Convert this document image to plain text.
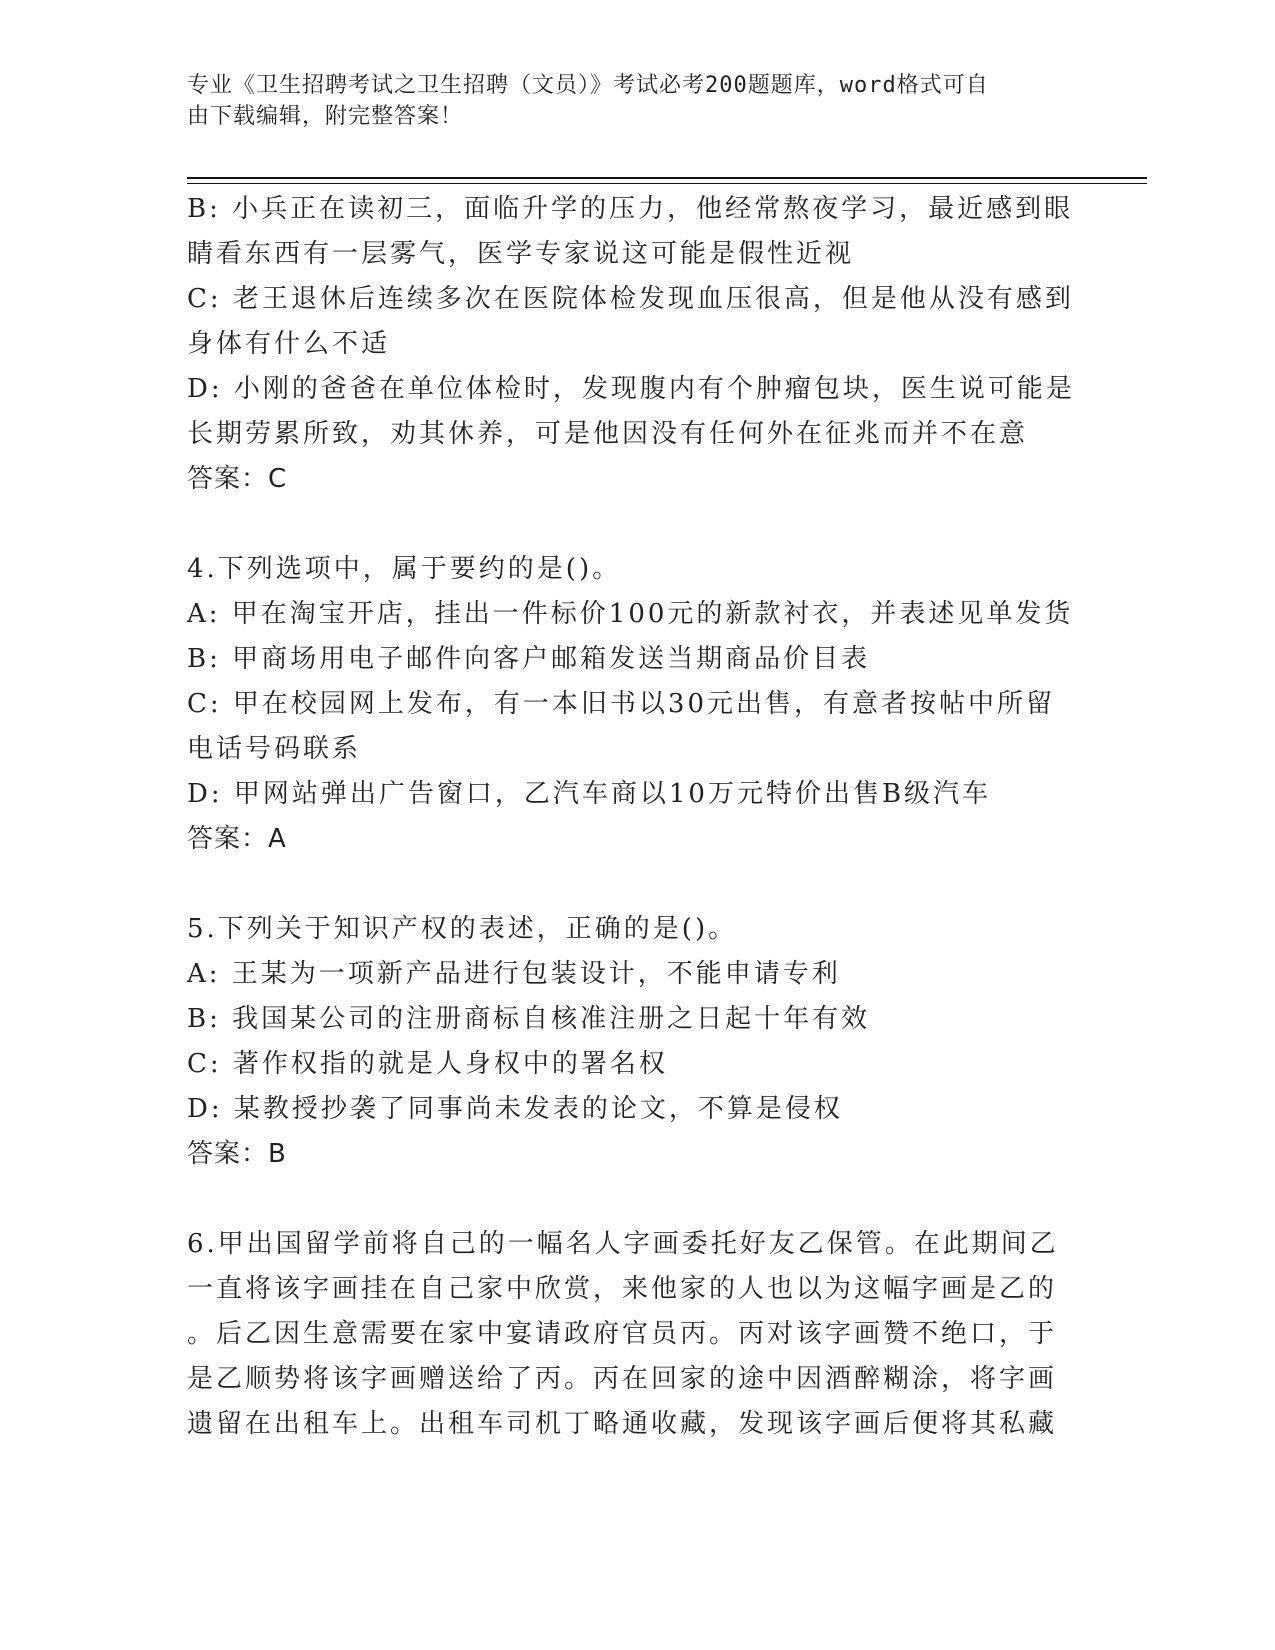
专业《卫生招聘考试之卫生招聘（文员）》考试必考200题题库，word格式可自
由下载编辑，附完整答案！
B: 小兵正在读初三，面临升学的压力，他经常熬夜学习，最近感到眼
睛看东西有一层雾气，医学专家说这可能是假性近视
C: 老王退休后连续多次在医院体检发现血压很高，但是他从没有感到
身体有什么不适
D: 小刚的爸爸在单位体检时，发现腹内有个肿瘤包块，医生说可能是
长期劳累所致，劝其休养，可是他因没有任何外在征兆而并不在意
答案：C
4.下列选项中，属于要约的是()。
A: 甲在淘宝开店，挂出一件标价100元的新款衬衣，并表述见单发货
B: 甲商场用电子邮件向客户邮箱发送当期商品价目表
C: 甲在校园网上发布，有一本旧书以30元出售，有意者按帖中所留
电话号码联系
D: 甲网站弹出广告窗口，乙汽车商以10万元特价出售B级汽车
答案：A
5.下列关于知识产权的表述，正确的是()。
A: 王某为一项新产品进行包装设计，不能申请专利
B: 我国某公司的注册商标自核准注册之日起十年有效
C: 著作权指的就是人身权中的署名权
D: 某教授抄袭了同事尚未发表的论文，不算是侵权
答案：B
6.甲出国留学前将自己的一幅名人字画委托好友乙保管。在此期间乙
一直将该字画挂在自己家中欣赏，来他家的人也以为这幅字画是乙的
。后乙因生意需要在家中宴请政府官员丙。丙对该字画赞不绝口，于
是乙顺势将该字画赠送给了丙。丙在回家的途中因酒醉糊涂，将字画
遗留在出租车上。出租车司机丁略通收藏，发现该字画后便将其私藏
